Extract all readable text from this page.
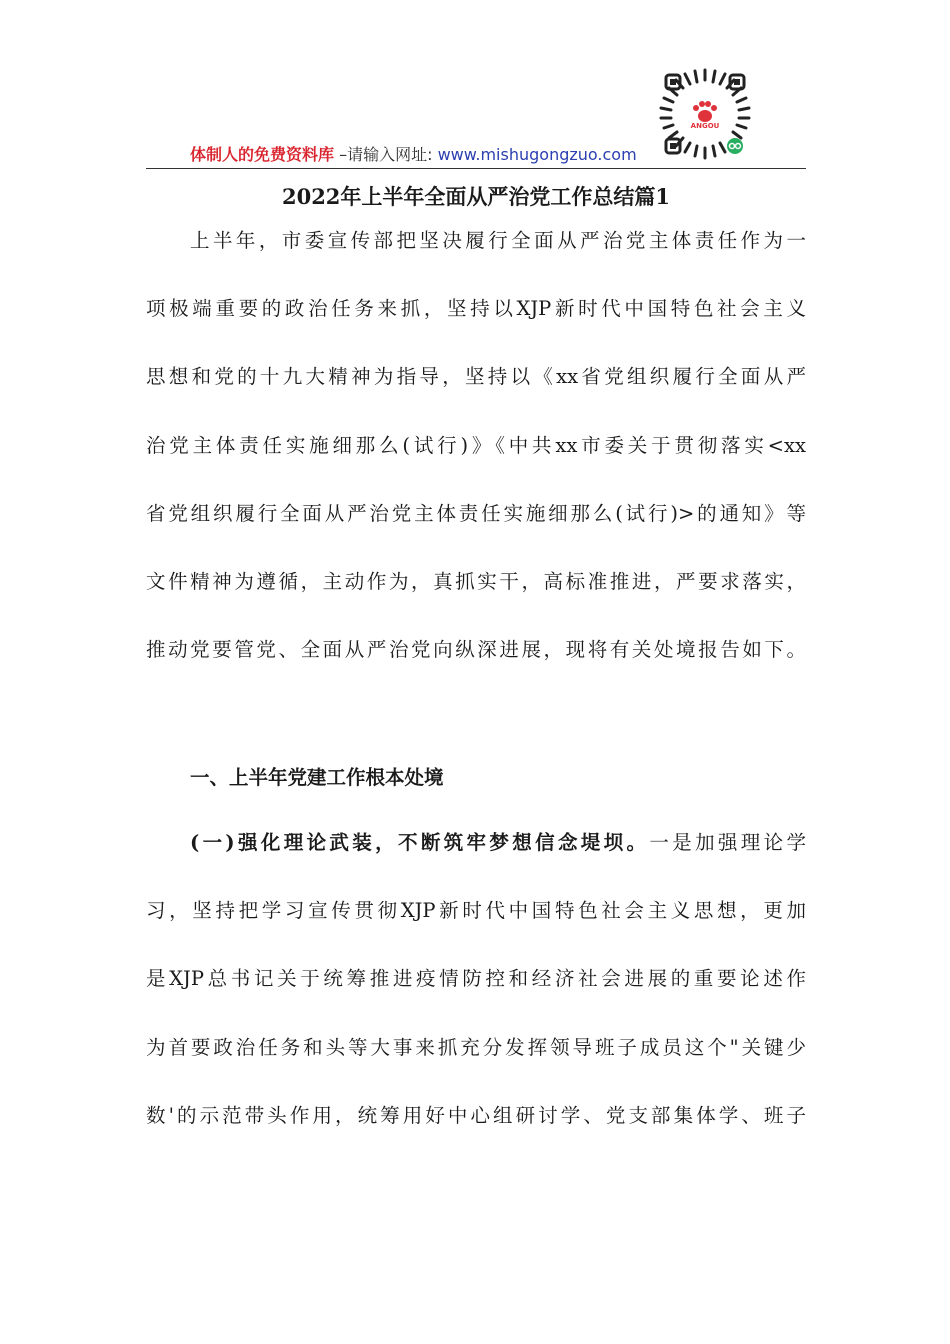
ANGOU
体制人的免费资料库 –请输入网址: www.mishugongzuo.com
2022年上半年全面从严治党工作总结篇1
上半年，市委宣传部把坚决履行全面从严治党主体责任作为一
项极端重要的政治任务来抓，坚持以XJP新时代中国特色社会主义
思想和党的十九大精神为指导，坚持以《xx省党组织履行全面从严
治党主体责任实施细那么(试行)》《中共xx市委关于贯彻落实<xx
省党组织履行全面从严治党主体责任实施细那么(试行)>的通知》等
文件精神为遵循，主动作为，真抓实干，高标准推进，严要求落实，
推动党要管党、全面从严治党向纵深进展，现将有关处境报告如下。
一、上半年党建工作根本处境
(一)强化理论武装，不断筑牢梦想信念堤坝。一是加强理论学
习，坚持把学习宣传贯彻XJP新时代中国特色社会主义思想，更加
是XJP总书记关于统筹推进疫情防控和经济社会进展的重要论述作
为首要政治任务和头等大事来抓充分发挥领导班子成员这个"关键少
数'的示范带头作用，统筹用好中心组研讨学、党支部集体学、班子
